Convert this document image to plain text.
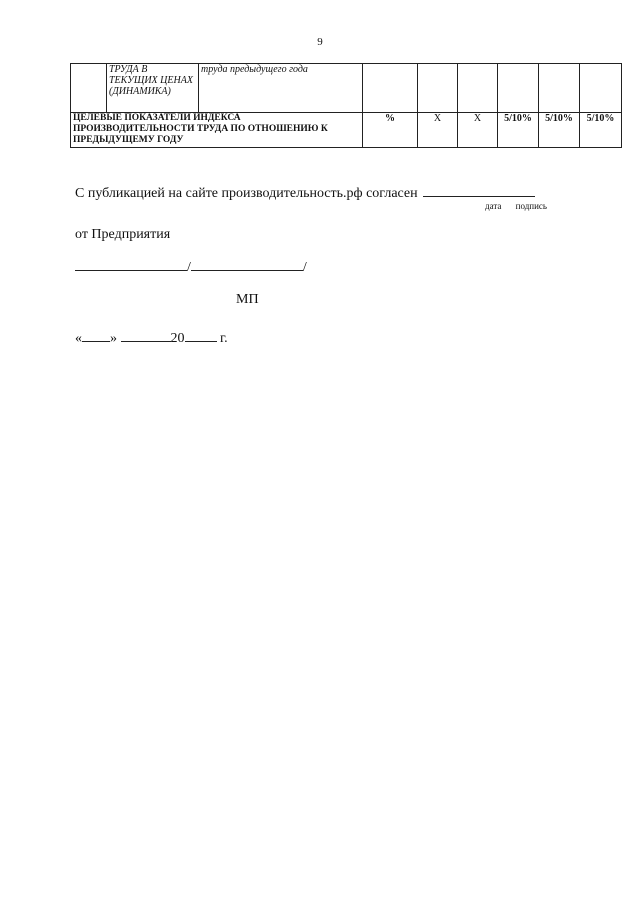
9
	ТРУДА В ТЕКУЩИХ ЦЕНАХ (ДИНАМИКА)	труда предыдущего года						
ЦЕЛЕВЫЕ ПОКАЗАТЕЛИ ИНДЕКСА ПРОИЗВОДИТЕЛЬНОСТИ ТРУДА ПО ОТНОШЕНИЮ К ПРЕДЫДУЩЕМУ ГОДУ			%	Х	Х	5/10%	5/10%	5/10%
С публикацией на сайте производительность.рф согласен
дата подпись
от Предприятия
/	/
МП
« »	20	г.
